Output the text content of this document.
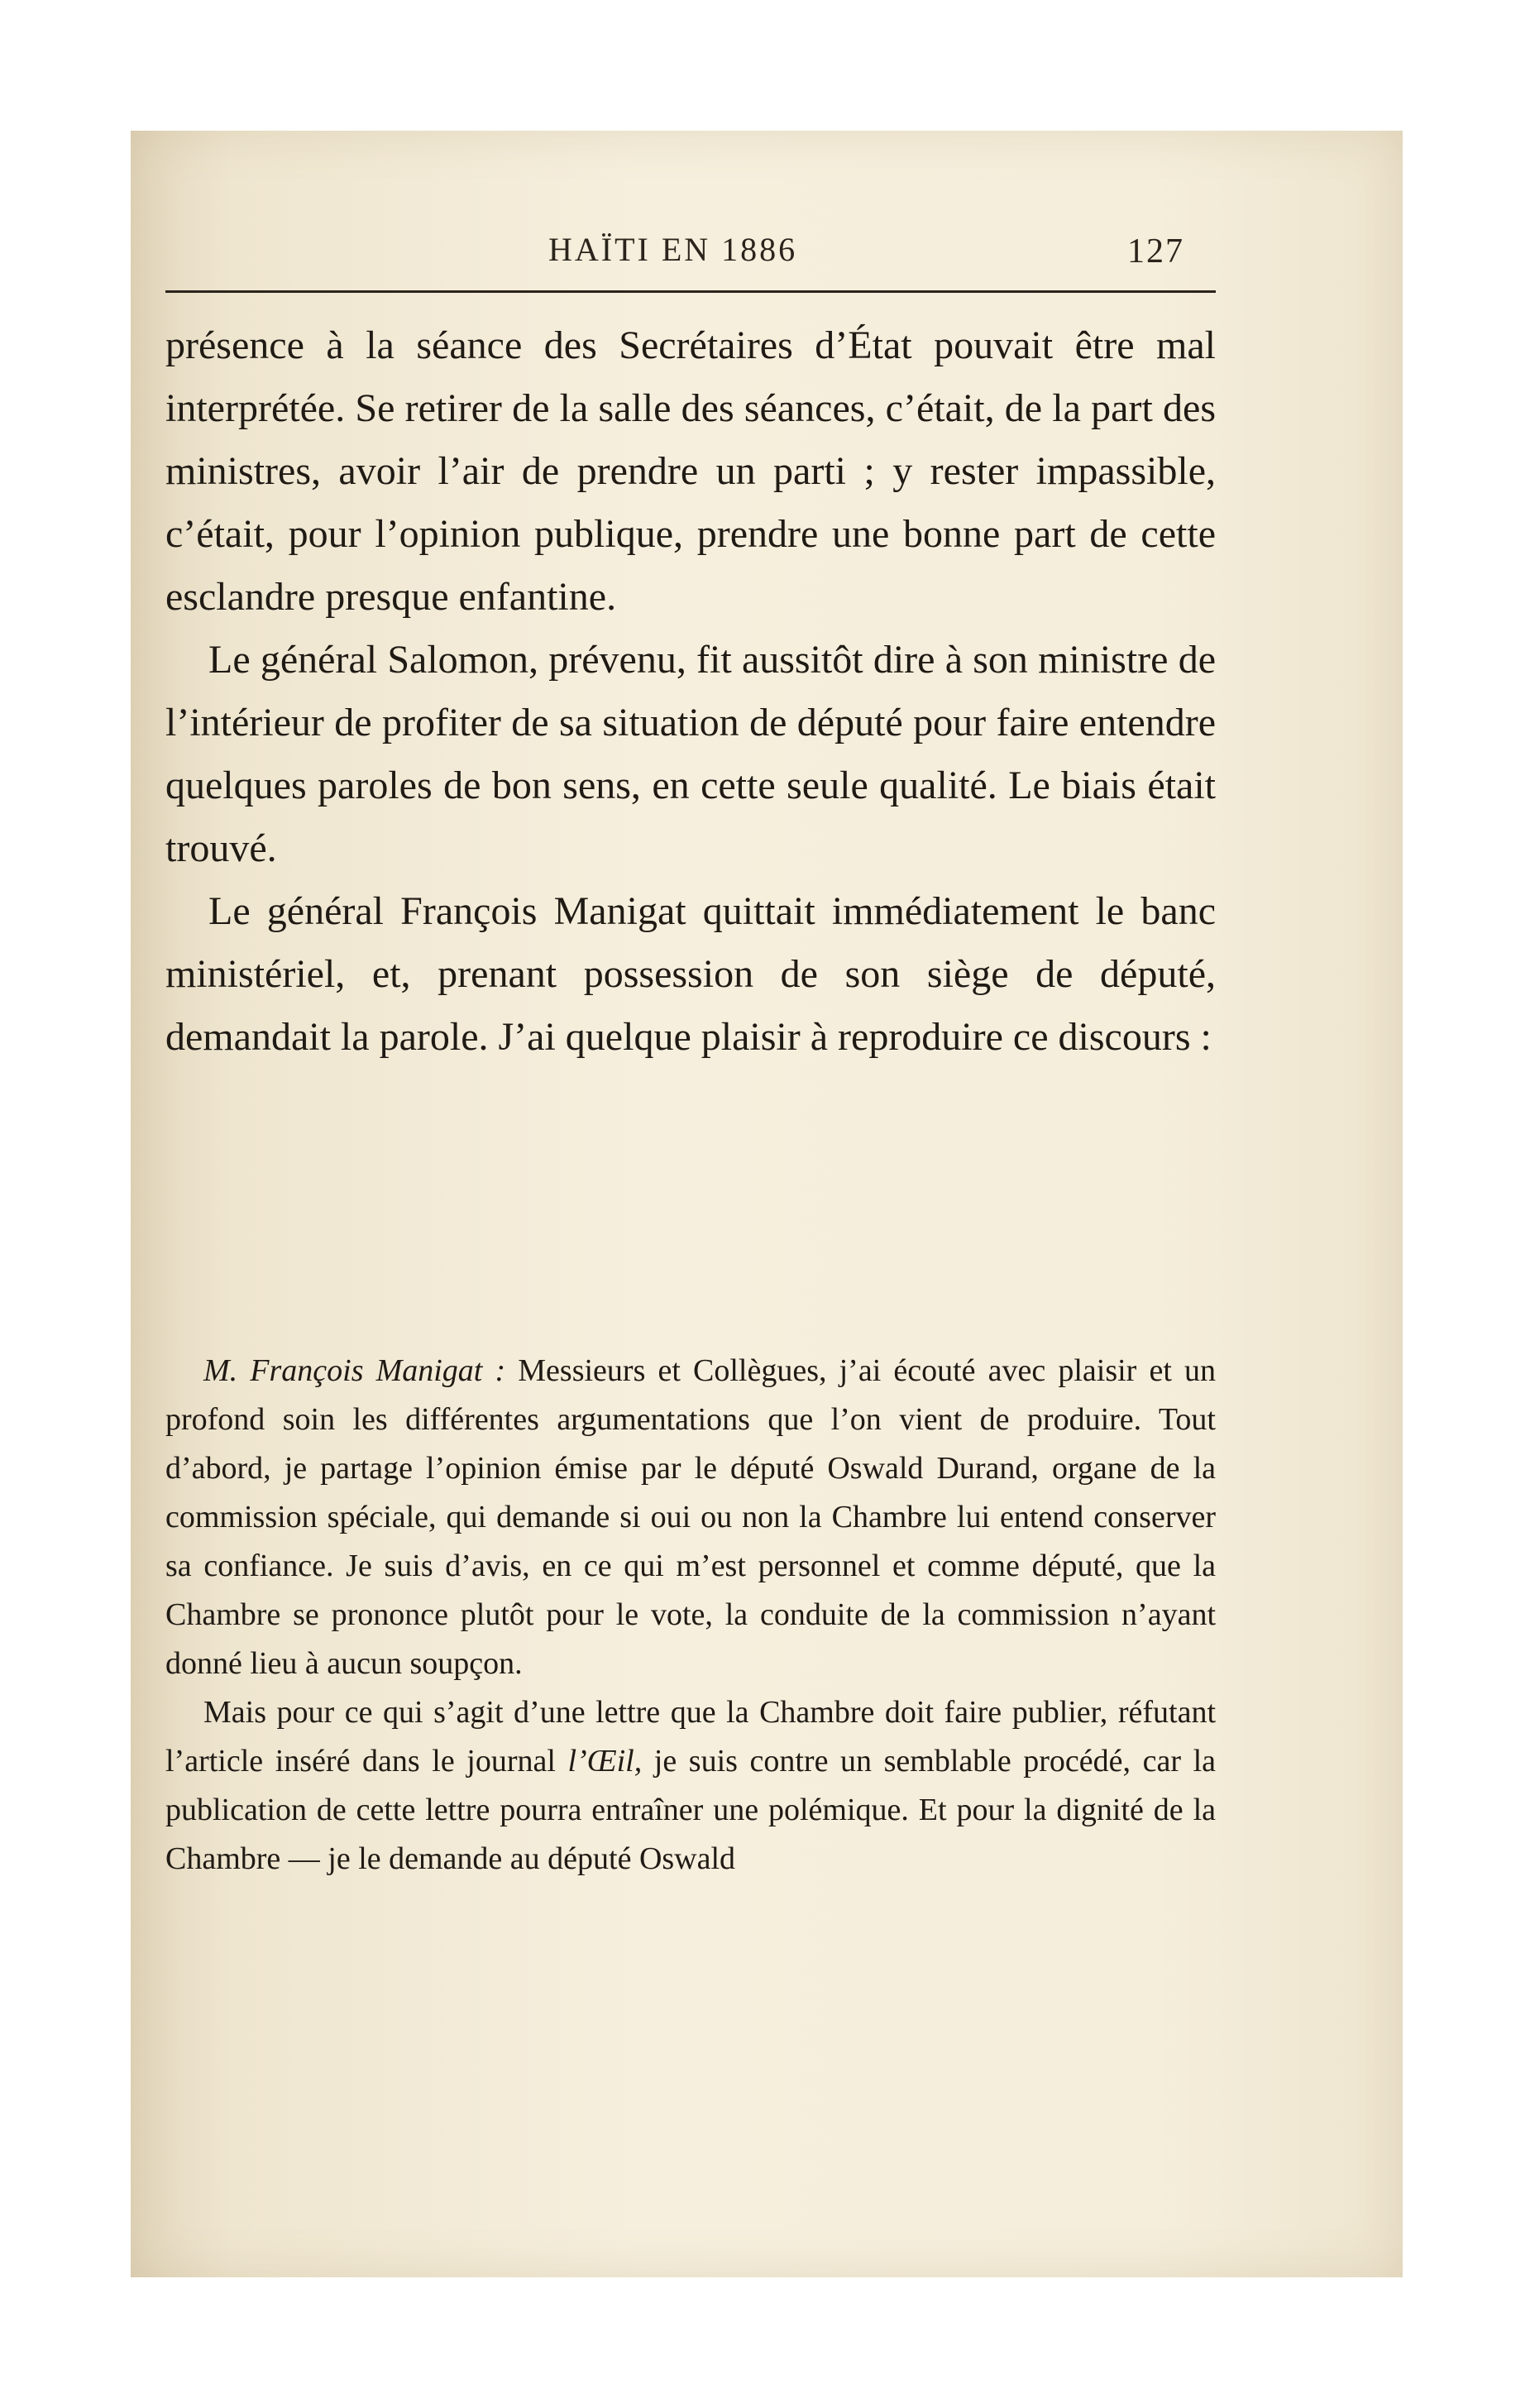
HAÏTI EN 1886	127

présence à la séance des Secrétaires d’État pouvait être mal interprétée. Se retirer de la salle des séances, c’était, de la part des ministres, avoir l’air de prendre un parti ; y rester impassible, c’était, pour l’opinion publique, prendre une bonne part de cette esclandre presque enfantine.

Le général Salomon, prévenu, fit aussitôt dire à son ministre de l’intérieur de profiter de sa situation de député pour faire entendre quelques paroles de bon sens, en cette seule qualité. Le biais était trouvé.

Le général François Manigat quittait immédiatement le banc ministériel, et, prenant possession de son siège de député, demandait la parole. J’ai quelque plaisir à reproduire ce discours :

M. François Manigat : Messieurs et Collègues, j’ai écouté avec plaisir et un profond soin les différentes argumentations que l’on vient de produire. Tout d’abord, je partage l’opinion émise par le député Oswald Durand, organe de la commission spéciale, qui demande si oui ou non la Chambre lui entend conserver sa confiance. Je suis d’avis, en ce qui m’est personnel et comme député, que la Chambre se prononce plutôt pour le vote, la conduite de la commission n’ayant donné lieu à aucun soupçon.

Mais pour ce qui s’agit d’une lettre que la Chambre doit faire publier, réfutant l’article inséré dans le journal l’Œil, je suis contre un semblable procédé, car la publication de cette lettre pourra entraîner une polémique. Et pour la dignité de la Chambre — je le demande au député Oswald
